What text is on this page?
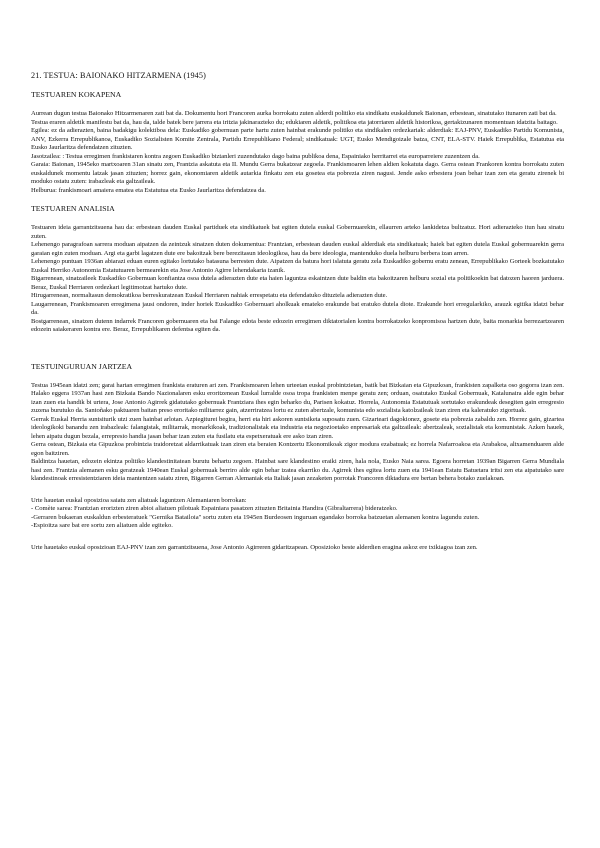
21. TESTUA: BAIONAKO HITZARMENA (1945)
TESTUAREN KOKAPENA

Aurrean dugun testua Baionako Hitzarmenaren zati bat da. Dokumentu hori Francoren aurka borrokatu zuten alderdi politiko eta sindikatu euskaldunek Baionan, erbestean, sinatutako itunaren zati bat da.

Testua eraren aldetik manifestu bat da, hau da, talde batek bere jarrera eta iritzia jakinarazteko du; edukiaren aldetik, politikoa eta jatorriaren aldetik historikoa, gertakizunaren momentuan idatzita baitago.

Egilea: ez da adierazten, baina badakigu kolektiboa dela: Euskadiko gobernuan parte hartu zuten hainbat erakunde politiko eta sindikalen ordezkariak: alderdiak: EAJ-PNV, Euskadiko Partidu Komunista, ANV, Ezkerra Errepublikanoa, Euskadiko Sozialisten Komite Zentrala, Partidu Errepublikano Federal; sindikatuak: UGT, Eusko Mendigoizale batza, CNT, ELA-STV. Haiek Errepublika, Estatutua eta Eusko Jaurlaritza defendatzen zituzten.

Jasotzailea: : Testua erregimen frankistaren kontra zegoen Euskadiko biztanleri zuzendutako dago baina publikoa dena, Espainiako herritarrei eta europarreiere zuzentzen da.

Garaia: Baionan, 1945eko martxoaren 31an sinatu zen, Frantzia askatuta eta II. Mundu Gerra bukatzear zegoela. Frankismoaren lehen aldien kokatuta dago. Gerra ostean Frankoren kontra borrokatu zuten euskaldunek momentu latzak jasan zituzten; horrez gain, ekonomiaren aldetik autarkia finkatu zen eta gosetea eta pobrezia ziren nagusi. Jende asko erbestera joan behar izan zen eta geratu zirenek bi moduko ostatu zuten: irabazleak eta galtzaileak.

Helburua: frankismoari amaiera ematea eta Estatutua eta Eusko Jaurlaritza defendatzea da.

TESTUAREN ANALISIA

Testuaren ideia garrantzitsuena hau da: erbestean dauden Euskal partiduek eta sindikatuek bat egiten dutela euskal Gobernuarekin, ellaurren arteko lankidetza bultzatuz. Hori adierazteko itun hau sinatu zuten.

Lehenengo paragrafoan sarrera moduan aipatzen da zeintzuk sinatzen duten dokumentua: Frantzian, erbestean dauden euskal alderdiak eta sindikatuak; haiek bat egiten dutela Euskal gobernuarekin gerra garaian egin zuten moduan. Argi eta garbi lagatzen dute ere bakoitzak bere berezitasun ideologikoa, hau da bere ideologia, mantenduko duela helburu berbera izan arren.

Lehenengo puntuan 1936an abiarazi eduan euren egitako lortutako batasuna berresten dute. Aipatzen da batura hori islatuta geratu zela Euskadiko gobernu eratu zenean, Errepublikako Gorteek bozkatutako Euskal Herriko Autonomia Estatutuaren bermearekin eta Jose Antonio Agirre lehendakaria izanik.

Bigarrenean, sinatzaileek Euskadiko Gobernuan konfiantza osoa dutela adierazten dute eta haien laguntza eskaintzen dute baldin eta bakoitzaren helburu sozial eta politikoekin bat datozen haoren jarduera. Beraz, Euskal Herriaren ordezkari legitimotzat hartuko dute.

Hirugarrenean, normaltasun demokratikoa berreskuratzean Euskal Herriaren nahiak errespetatu eta defendatuko dituztela adierazten dute.

Laugarrenean, Frankismoaren erregimena jausi ondoren, inder horiek Euskadiko Gobernuari aholkuak emateko erakunde bat eratuko dutela diote. Erakunde hori erregularkiko, arauzk egitika idatzi behar da.

Bostgarrenean, sinatzen dutenn indarrek Francoren gobernuaren eta bai Falange edota beste edozein erregimen diktatorialen kontra borrokatzeko konpromisoa hartzen dute, baita monarkia berrezartzearen edozein saiakeraren kontra ere. Beraz, Errepublikaren defentsa egiten da.

TESTUINGURUAN JARTZEA

Testua 1945ean idatzi zen; garai hartan erregimen frankista eraturen ari zen. Frankismoaren lehen urteetan euskal probintzietan, batik bat Bizkaian eta Gipuzkoan, frankisten zapalketa oso gogorra izan zen. Halako eggera 1937an hasi zen Bizkaia Bando Nazionalaren esku eroritzenean Euskal lurralde osoa tropa frankisten menpe geratu zen; orduan, osatutako Euskal Gobernuak, Katalunaira alde egin behar izan zuen eta handik bi urtera, Jose Antonio Agirrek gidatutako gobernuak Frantziara ihes egin beharko du, Parisen kokatuz. Horrela, Autonomia Estatutuak sortutako erakundeak desegiten gain erregresio zuzena burutuko da. Santoñako paktuaren baitan preso eroritako militarrez gain, atzerriratzea lortu ez zuten abertzale, komunista edo sozialista katolzaileak izan ziren eta kaleratuko zigortuak.

Gerrak Euskal Herria suntsiturik utzi zuen hainbat arlotan. Azpiegiturei begira, herri eta hiri askoren suntsiketa suposatu zuen. Gizarteari dagokionez, gosete eta pobrezia zabaldu zen. Horrez gain, gizartea ideologikoki banandu zen irabazleak: falangistak, militarrak, monarkikoak, tradizionalistak eta industria eta negozioetako enpresariak eta galtzaileak: abertzaleak, sozialistak eta komunistak. Azken hauek, lehen aipatu dugun bezala, errepresio handia jasan behar izan zuten eta fusilatu eta espetxeratuak ere asko izan ziren.

Gerra ostean, Bizkaia eta Gipuzkoa probintzia traidoretzat aldarrikatuak izan ziren eta beraien Kontzertu Ekonomikoak zigor modura ezabatuak; ez horrela Nafarroakoa eta Arabakoa, altxamenduaren alde egon baitziren.

Baldintza hauetan, edozein ekintza politiko klandestinitatean burutu behartu zegoen. Hainbat sare klandestino eraiki ziren, hala nola, Eusko Naia sarea. Egoera horretan 1939an Bigarren Gerra Mundiala hasi zen. Frantzia alemanen esku geratzeak 1940ean Euskal gobernuak berriro alde egin behar izatea ekarriko du. Agirrek ihes egitea lortu zuen eta 1941ean Estatu Batuetara iritsi zen eta aipatutako sare klandestinoak erresistentziaren ideia mantentzen saiatu ziren, Bigarren Gerran Alemaniak eta Italiak jasan zezaketen porrotak Francoren diktadura ere bertan behera botako zuelakoan.

Urte hauetan euskal oposizioa saiatu zen aliatuak laguntzen Alemaniaren borrokan:

- Comète sarea: Frantzian erorizten ziren abioi aliatuen pilotuak Espainiara pasatzen zituzten Britainia Handira (Gibraltarrera) bideratzeko.
-Gerraren bukaeran euskaldun erbesteratuek "Gernika Batailoia" sortu zuten eta 1945en Burdeosen inguruan egandako borroka batzuetan alemanen kontra lagundu zuten.
-Espioitza sare bat ere sortu zen aliatuen alde egiteko.

Urte hauetako euskal oposizioan EAJ-PNV izan zen garrantzitsuena, Jose Antonio Agirreren gidaritzapean. Oposizioko beste alderdien eragina askoz ere txikiagoa izan zen.
